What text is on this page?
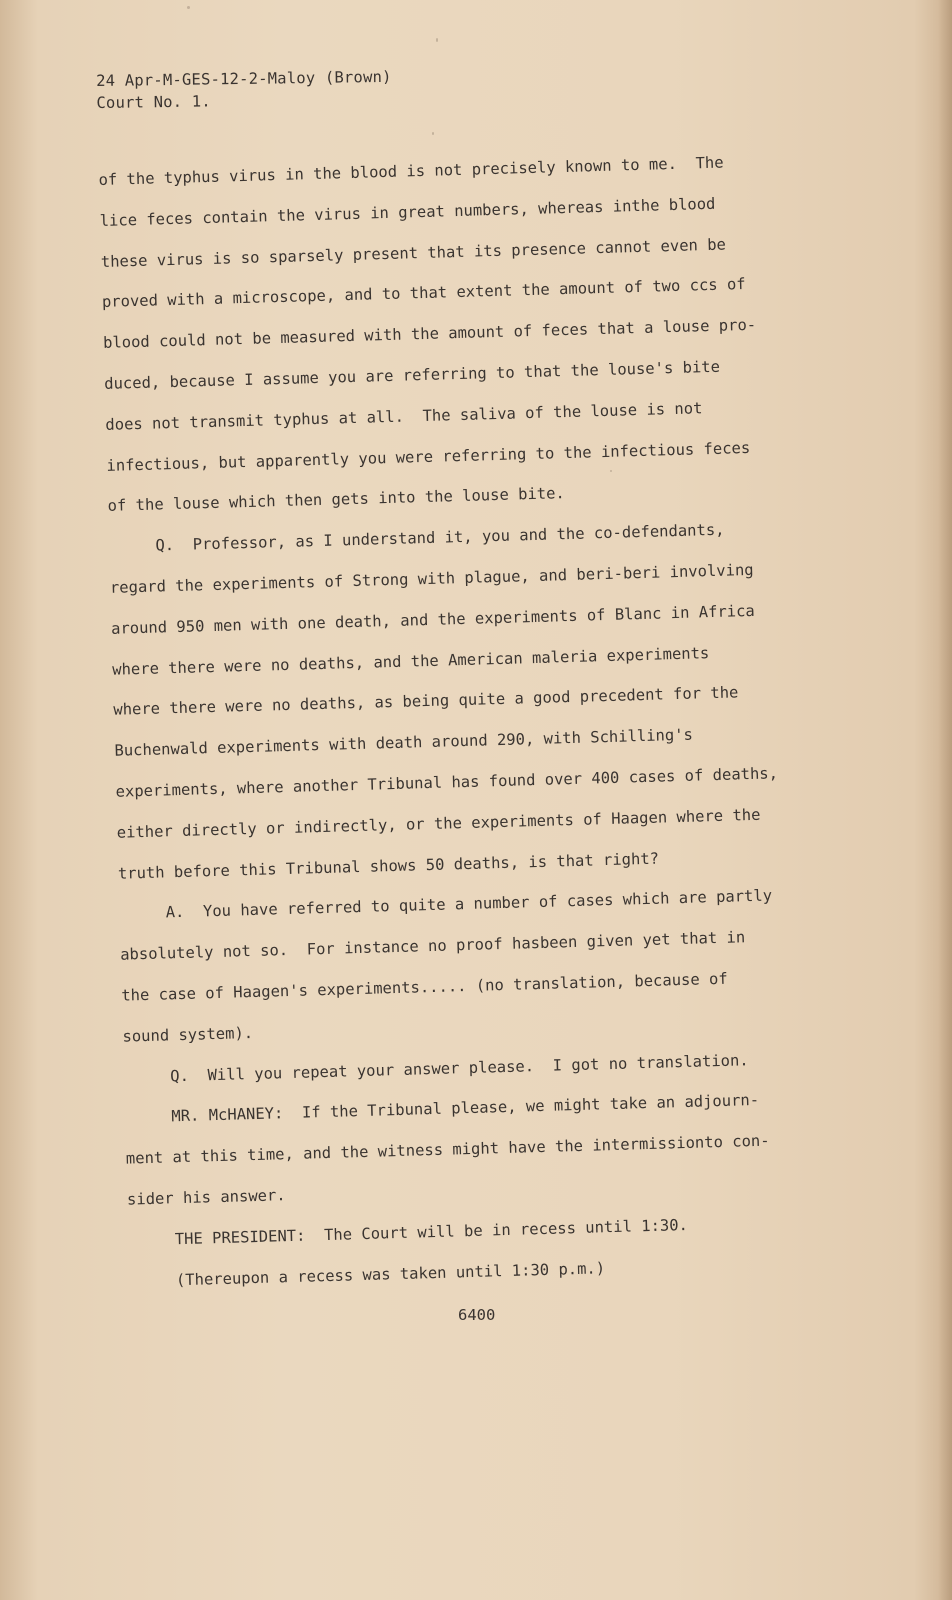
24 Apr-M-GES-12-2-Maloy (Brown)
Court No. 1.
of the typhus virus in the blood is not precisely known to me.  The
lice feces contain the virus in great numbers, whereas inthe blood
these virus is so sparsely present that its presence cannot even be
proved with a microscope, and to that extent the amount of two ccs of
blood could not be measured with the amount of feces that a louse pro-
duced, because I assume you are referring to that the louse's bite
does not transmit typhus at all.  The saliva of the louse is not
infectious, but apparently you were referring to the infectious feces
of the louse which then gets into the louse bite.
Q.  Professor, as I understand it, you and the co-defendants,
regard the experiments of Strong with plague, and beri-beri involving
around 950 men with one death, and the experiments of Blanc in Africa
where there were no deaths, and the American maleria experiments
where there were no deaths, as being quite a good precedent for the
Buchenwald experiments with death around 290, with Schilling's
experiments, where another Tribunal has found over 400 cases of deaths,
either directly or indirectly, or the experiments of Haagen where the
truth before this Tribunal shows 50 deaths, is that right?
A.  You have referred to quite a number of cases which are partly
absolutely not so.  For instance no proof hasbeen given yet that in
the case of Haagen's experiments..... (no translation, because of
sound system).
Q.  Will you repeat your answer please.  I got no translation.
MR. McHANEY:  If the Tribunal please, we might take an adjourn-
ment at this time, and the witness might have the intermissionto con-
sider his answer.
THE PRESIDENT:  The Court will be in recess until 1:30.
(Thereupon a recess was taken until 1:30 p.m.)
6400
